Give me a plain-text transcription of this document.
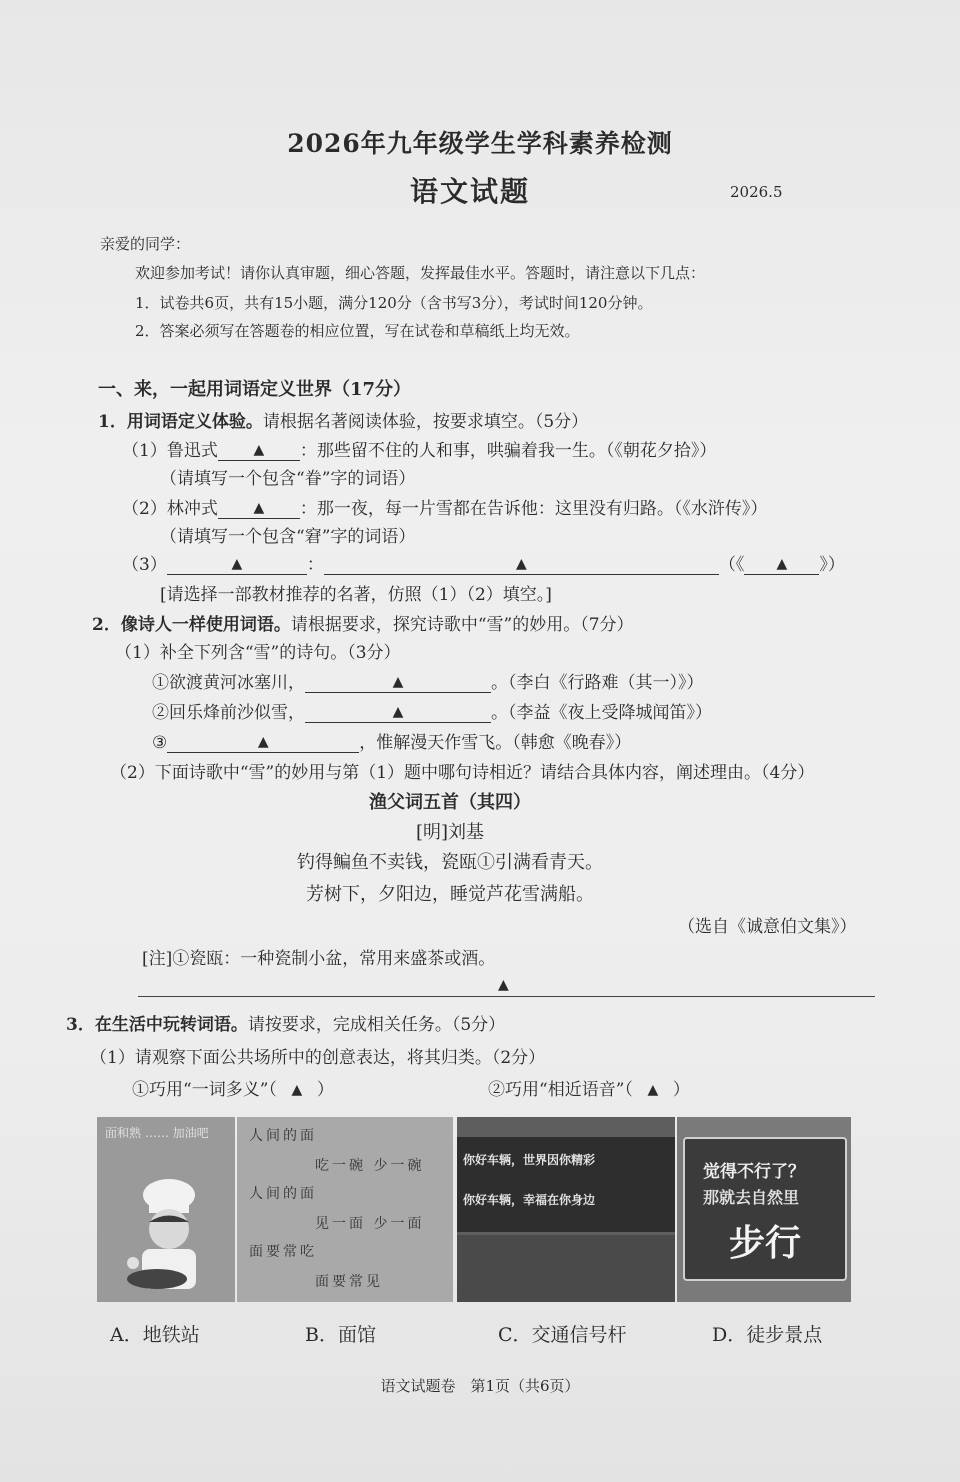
2026年九年级学生学科素养检测
语文试题	2026.5
亲爱的同学：
欢迎参加考试！请你认真审题，细心答题，发挥最佳水平。答题时，请注意以下几点：
1．试卷共6页，共有15小题，满分120分（含书写3分），考试时间120分钟。
2．答案必须写在答题卷的相应位置，写在试卷和草稿纸上均无效。
一、来，一起用词语定义世界（17分）
1．用词语定义体验。请根据名著阅读体验，按要求填空。（5分）
（1）鲁迅式	▲ ：那些留不住的人和事，哄骗着我一生。（《朝花夕拾》）
（请填写一个包含“眷”字的词语）
（2）林冲式	▲ ：那一夜，每一片雪都在告诉他：这里没有归路。（《水浒传》）
（请填写一个包含“窘”字的词语）
（3）	▲	：	▲	（《 ▲ 》）
[请选择一部教材推荐的名著，仿照（1）（2）填空。]
2．像诗人一样使用词语。请根据要求，探究诗歌中“雪”的妙用。（7分）
（1）补全下列含“雪”的诗句。（3分）
①欲渡黄河冰塞川，	▲	。（李白《行路难（其一）》）
②回乐烽前沙似雪，	▲	。（李益《夜上受降城闻笛》）
③	▲	，惟解漫天作雪飞。（韩愈《晚春》）
（2）下面诗歌中“雪”的妙用与第（1）题中哪句诗相近？请结合具体内容，阐述理由。（4分）
渔父词五首（其四）
[明]刘基
钓得鳊鱼不卖钱，瓷瓯①引满看青天。
芳树下，夕阳边，睡觉芦花雪满船。
（选自《诚意伯文集》）
[注]①瓷瓯：一种瓷制小盆，常用来盛茶或酒。
▲
3．在生活中玩转词语。请按要求，完成相关任务。（5分）
（1）请观察下面公共场所中的创意表达，将其归类。（2分）
①巧用“一词多义”（ ▲ ）	②巧用“相近语音”（ ▲ ）
面和熟 …… 加油吧	人间的面
吃一碗 少一碗
人间的面
见一面 少一面
面要常吃
面要常见
你好车辆，世界因你精彩
你好车辆，幸福在你身边
觉得不行了？
那就去自然里
步行
A．地铁站	B．面馆	C．交通信号杆	D．徒步景点
语文试题卷　第1页（共6页）
